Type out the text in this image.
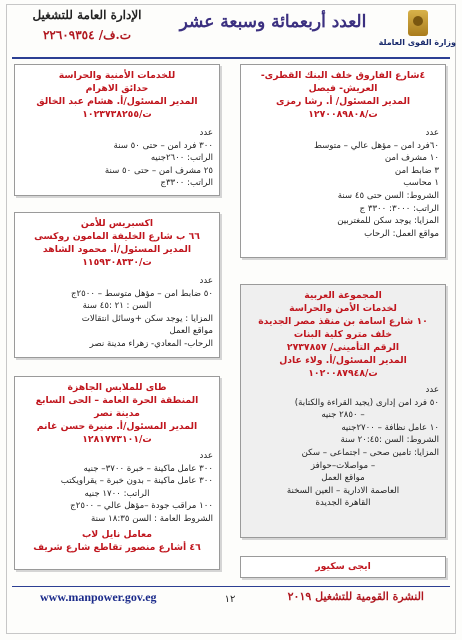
وزارة القوى العاملة
العدد أربعمائة وسبعة عشر
الإدارة العامة للتشغيل
ت.ف/ ٢٢٦٠٩٣٥٤
للخدمات الأمنية والحراسة
حدائق الاهرام
المدير المسئول/أ. هشام عبد الخالق
ت/١٠٢٣٧٣٨٢٥٥
عدد
٣٠٠ فرد امن – حتى ٥٠ سنة
الراتب: ٢٦٠٠جنيه
٢٥ مشرف امن – حتى ٥٠ سنة
الراتب: ٣٣٠٠ج
اكسبريس للأمن
٦٦ ب شارع الخليفة المامون روكسى
المدير المسئول/أ. محمود الشاهد
ت/١١٥٩٣٠٨٣٣٠
عدد
٥٠ ضابط امن – مؤهل متوسط – ٢٥٠٠ج
السن : ٢١ :٤٥ سنة
المزايا : يوجد سكن +وسائل انتقالات
مواقع العمل
الرحاب- المعادي- زهراء مدينة نصر
طاى للملابس الجاهزة
المنطقة الحرة العامة – الحى السابع
مدينة نصر
المدير المسئول/أ. منيرة حسن غانم
ت/١٢٨١٧٧٣١٠١
عدد
٣٠٠ عامل ماكينة – خبرة ٣٧٠٠– جنيه
٣٠٠ عامل ماكينة – بدون خبرة – يقراويكتب
الراتب: ١٧٠٠ جنيه
١٠٠ مراقب جودة –مؤهل عالي – ٢٥٠٠ج
الشروط العامة : السن ١٨:٣٥ سنة
معامل نايل لاب
٤٦ أشارع منصور تقاطع شارع شريف
٤شارع الفاروق خلف البنك القطرى-
العريش- فيصل
المدير المسئول/ أ. رشا رمزى
ت/١٢٧٠٠٨٩٨٠٨
عدد
٦٠فرد امن – مؤهل عالي – متوسط
١٠ مشرف امن
٣ ضابط امن
١ محاسب
الشروط: السن حتى ٤٥ سنة
الراتب: ٣٠٠٠: ٣٣٠٠ ج
المزايا: يوجد سكن للمغتربين
مواقع العمل: الرحاب
المجموعة العربية
لخدمات الأمن والحراسة
١٠ شارع اسامة بن منقذ مصر الجديدة
خلف مترو كلية البنات
الرقم التأمينى/ ٢٧٣٧٨٥٧
المدير المسئول/أ. ولاء عادل
ت/١٠٢٠٠٨٧٩٤٨
عدد
٥٠ فرد امن إدارى (يجيد القراءة والكتابة)
– ٢٨٥٠ جنيه
١٠ عامل نظافة – ٢٧٠٠جنيه
الشروط: السن :٢٠:٤٥ سنة
المزايا: تامين صحى – اجتماعى – سكن
– مواصلات–حوافز
مواقع العمل
العاصمة الادارية – العين السخنة
القاهرة الجديدة
ايجى سكيور
www.manpower.gov.eg	١٢	النشرة القومية للتشغيل ٢٠١٩
